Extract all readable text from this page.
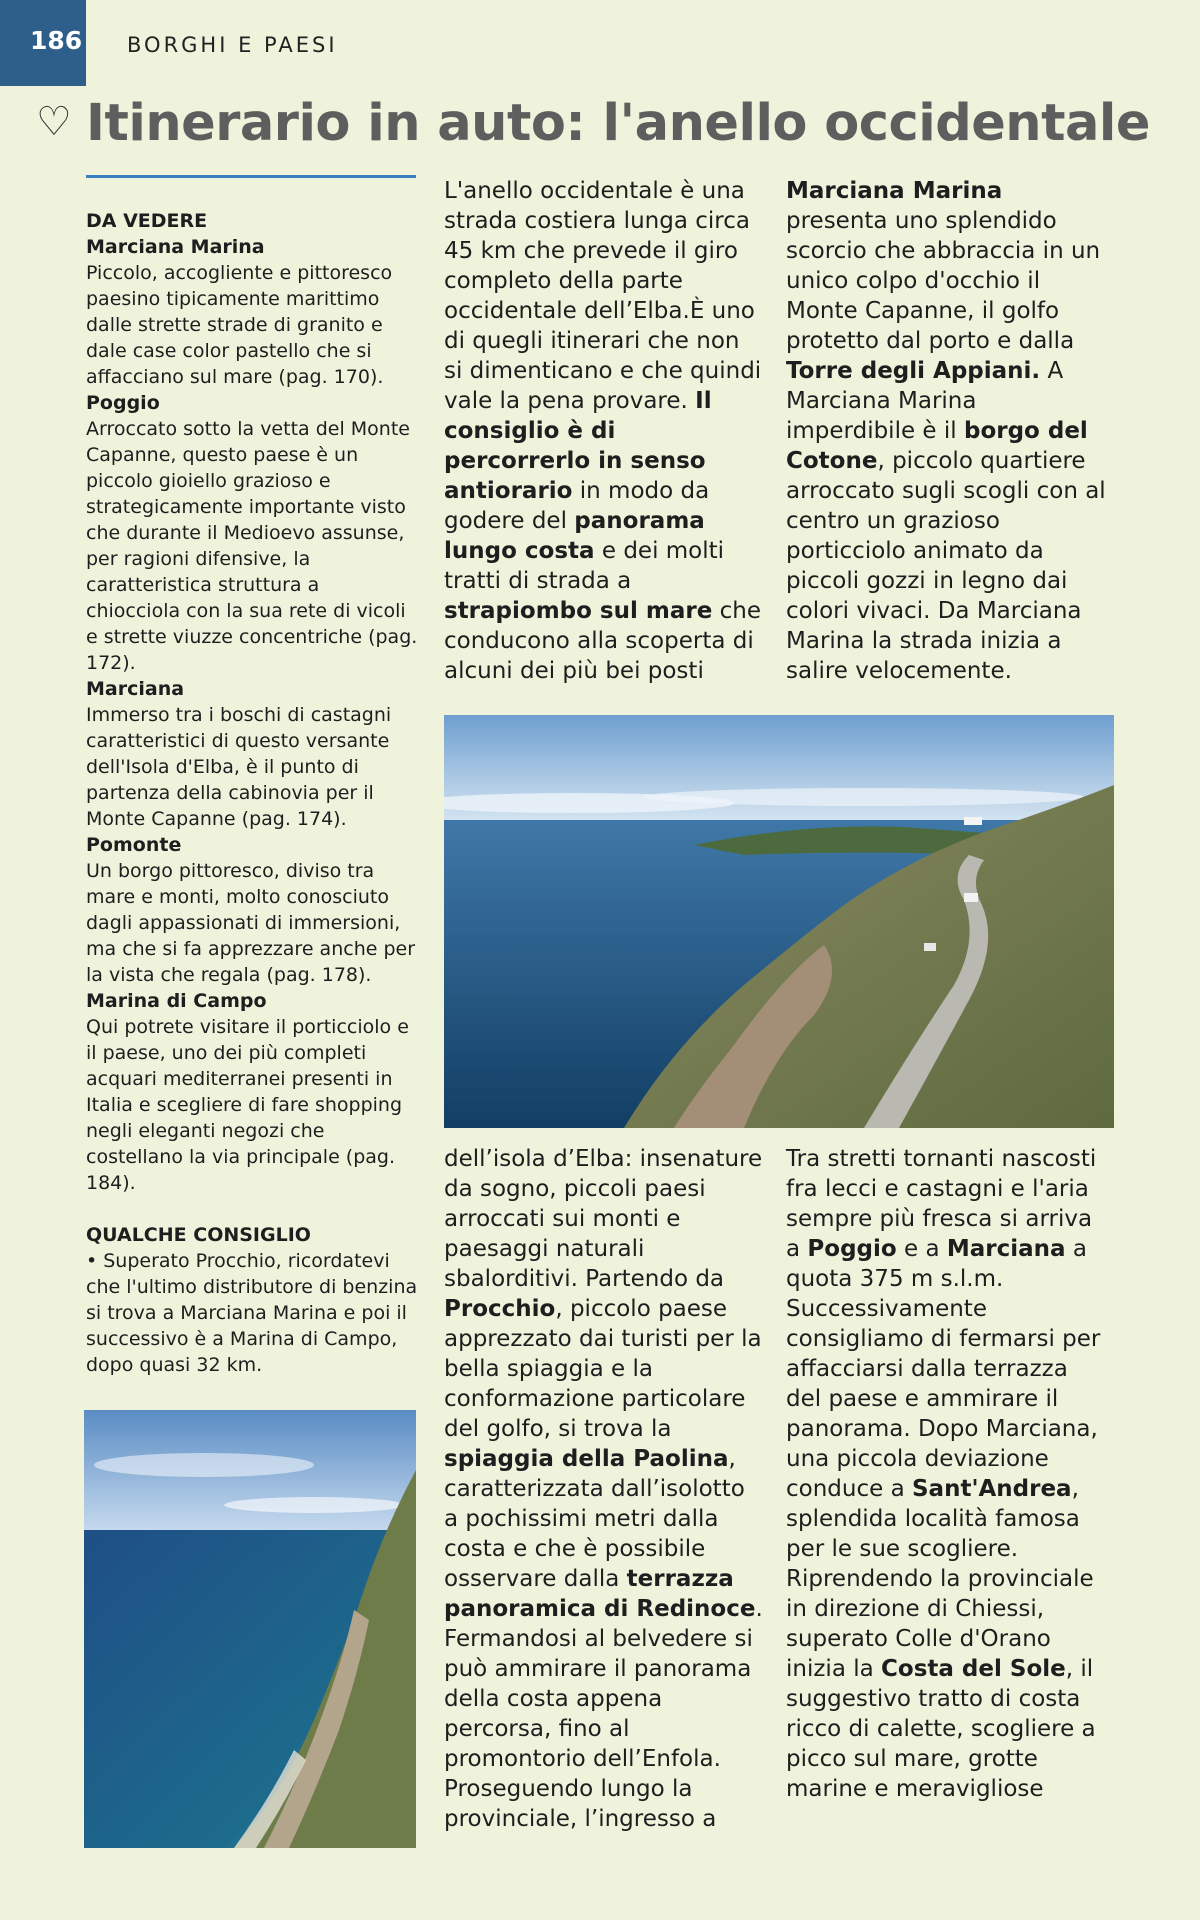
186 BORGHI E PAESI
♡ Itinerario in auto: l'anello occidentale
DA VEDERE
Marciana Marina
Piccolo, accogliente e pittoresco paesino tipicamente marittimo dalle strette strade di granito e dale case color pastello che si affacciano sul mare (pag. 170).
Poggio
Arroccato sotto la vetta del Monte Capanne, questo paese è un piccolo gioiello grazioso e strategicamente importante visto che durante il Medioevo assunse, per ragioni difensive, la caratteristica struttura a chiocciola con la sua rete di vicoli e strette viuzze concentriche (pag. 172).
Marciana
Immerso tra i boschi di castagni caratteristici di questo versante dell'Isola d'Elba, è il punto di partenza della cabinovia per il Monte Capanne (pag. 174).
Pomonte
Un borgo pittoresco, diviso tra mare e monti, molto conosciuto dagli appassionati di immersioni, ma che si fa apprezzare anche per la vista che regala (pag. 178).
Marina di Campo
Qui potrete visitare il porticciolo e il paese, uno dei più completi acquari mediterranei presenti in Italia e scegliere di fare shopping negli eleganti negozi che costellano la via principale (pag. 184).
QUALCHE CONSIGLIO
• Superato Procchio, ricordatevi che l'ultimo distributore di benzina si trova a Marciana Marina e poi il successivo è a Marina di Campo, dopo quasi 32 km.
L'anello occidentale è una strada costiera lunga circa 45 km che prevede il giro completo della parte occidentale dell’Elba.È uno di quegli itinerari che non si dimenticano e che quindi vale la pena provare. Il consiglio è di percorrerlo in senso antiorario in modo da godere del panorama lungo costa e dei molti tratti di strada a strapiombo sul mare che conducono alla scoperta di alcuni dei più bei posti
Marciana Marina presenta uno splendido scorcio che abbraccia in un unico colpo d'occhio il Monte Capanne, il golfo protetto dal porto e dalla Torre degli Appiani. A Marciana Marina imperdibile è il borgo del Cotone, piccolo quartiere arroccato sugli scogli con al centro un grazioso porticciolo animato da piccoli gozzi in legno dai colori vivaci. Da Marciana Marina la strada inizia a salire velocemente.
dell’isola d’Elba: insenature da sogno, piccoli paesi arroccati sui monti e paesaggi naturali sbalorditivi. Partendo da Procchio, piccolo paese apprezzato dai turisti per la bella spiaggia e la conformazione particolare del golfo, si trova la spiaggia della Paolina, caratterizzata dall’isolotto a pochissimi metri dalla costa e che è possibile osservare dalla terrazza panoramica di Redinoce. Fermandosi al belvedere si può ammirare il panorama della costa appena percorsa, fino al promontorio dell’Enfola. Proseguendo lungo la provinciale, l’ingresso a
Tra stretti tornanti nascosti fra lecci e castagni e l'aria sempre più fresca si arriva a Poggio e a Marciana a quota 375 m s.l.m. Successivamente consigliamo di fermarsi per affacciarsi dalla terrazza del paese e ammirare il panorama. Dopo Marciana, una piccola deviazione conduce a Sant'Andrea, splendida località famosa per le sue scogliere. Riprendendo la provinciale in direzione di Chiessi, superato Colle d'Orano inizia la Costa del Sole, il suggestivo tratto di costa ricco di calette, scogliere a picco sul mare, grotte marine e meravigliose
